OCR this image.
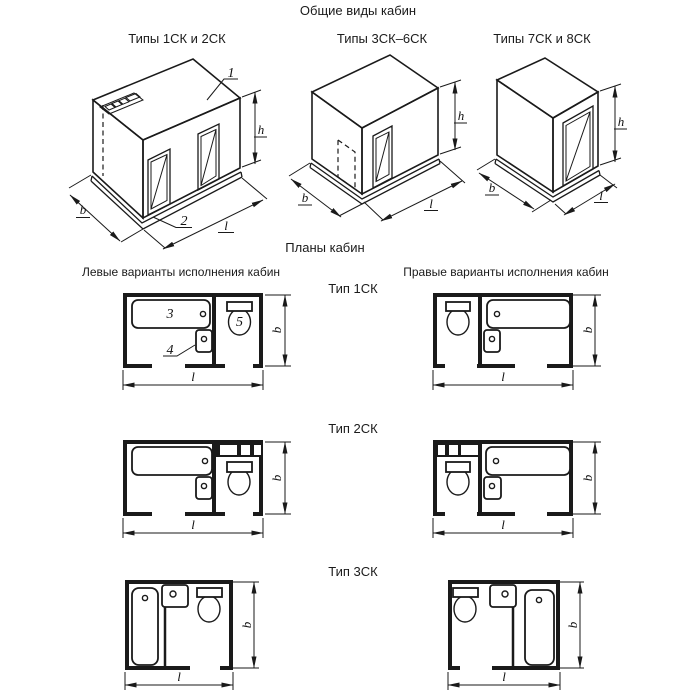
Общие виды кабин
Типы 1СК и 2СК	Типы 3СК–6СК	Типы 7СК и 8СК
Планы кабин
Левые варианты исполнения кабин	Правые варианты исполнения кабин
Тип 1СК
Тип 2СК
Тип 3СК
1
2
h
b
l
h
b	l
h
b
l
3
4
5 b
l
b
l
b
l
b
l
b
l
b
l
